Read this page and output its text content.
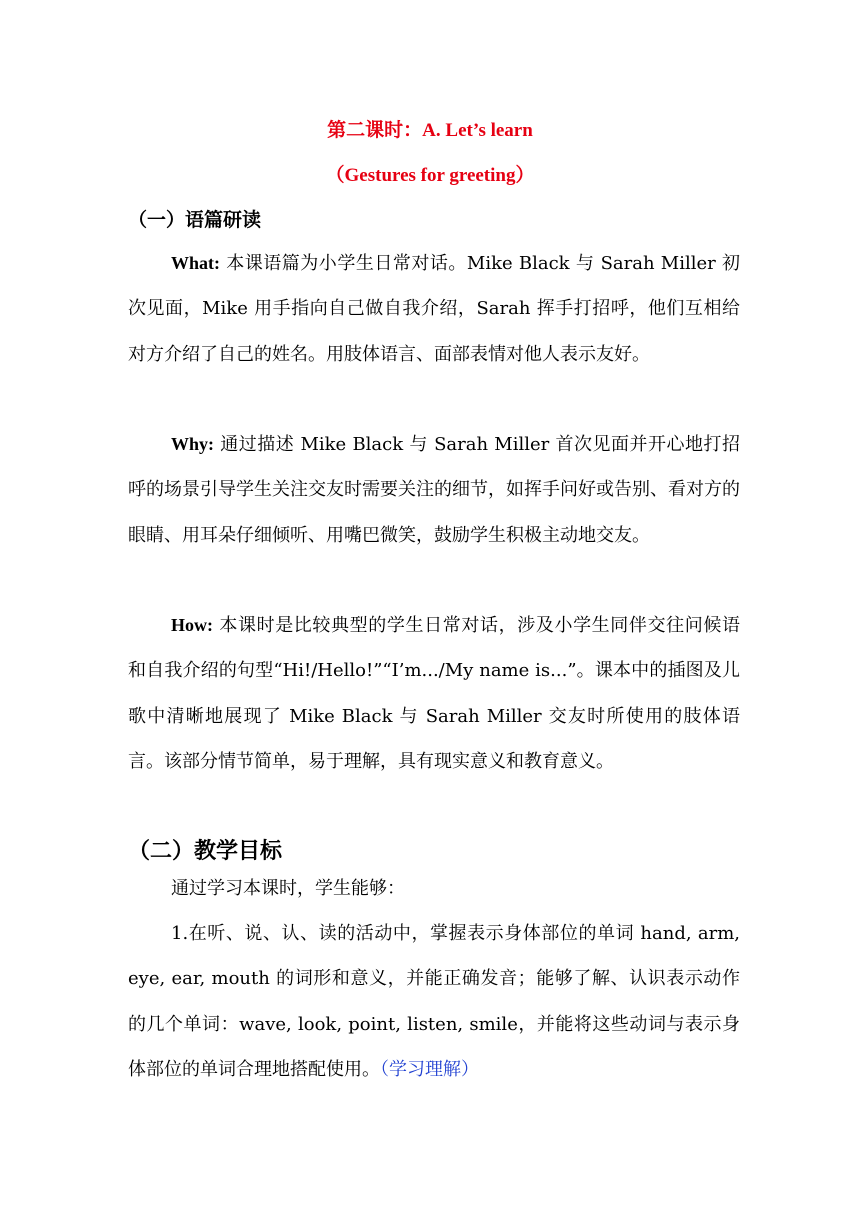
第二课时：A. Let’s learn
（Gestures for greeting）
（一）语篇研读

What: 本课语篇为小学生日常对话。Mike Black 与 Sarah Miller 初次见面，Mike 用手指向自己做自我介绍，Sarah 挥手打招呼，他们互相给对方介绍了自己的姓名。用肢体语言、面部表情对他人表示友好。

Why: 通过描述 Mike Black 与 Sarah Miller 首次见面并开心地打招呼的场景引导学生关注交友时需要关注的细节，如挥手问好或告别、看对方的眼睛、用耳朵仔细倾听、用嘴巴微笑，鼓励学生积极主动地交友。

How: 本课时是比较典型的学生日常对话，涉及小学生同伴交往问候语和自我介绍的句型“Hi!/Hello!”“I’m.../My name is...”。课本中的插图及儿歌中清晰地展现了 Mike Black 与 Sarah Miller 交友时所使用的肢体语言。该部分情节简单，易于理解，具有现实意义和教育意义。

（二）教学目标

通过学习本课时，学生能够：

1.在听、说、认、读的活动中，掌握表示身体部位的单词 hand, arm, eye, ear, mouth 的词形和意义，并能正确发音；能够了解、认识表示动作的几个单词：wave, look, point, listen, smile，并能将这些动词与表示身体部位的单词合理地搭配使用。（学习理解）
